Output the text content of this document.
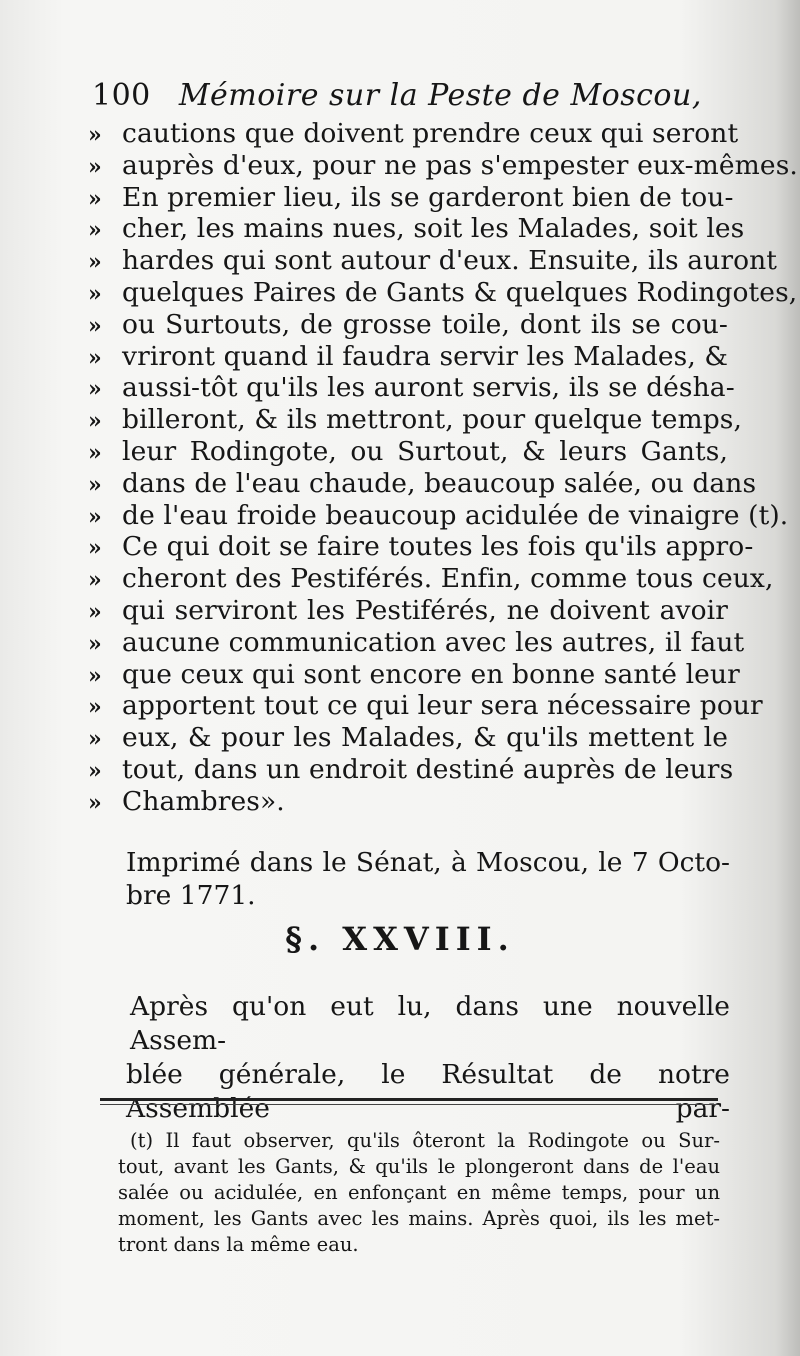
100 Mémoire sur la Peste de Moscou,
» cautions que doivent prendre ceux qui seront
» auprès d'eux, pour ne pas s'empester eux-mêmes.
» En premier lieu, ils se garderont bien de tou-
» cher, les mains nues, soit les Malades, soit les
» hardes qui sont autour d'eux. Ensuite, ils auront
» quelques Paires de Gants & quelques Rodingotes,
» ou Surtouts, de grosse toile, dont ils se cou-
» vriront quand il faudra servir les Malades, &
» aussi-tôt qu'ils les auront servis, ils se désha-
» billeront, & ils mettront, pour quelque temps,
» leur Rodingote, ou Surtout, & leurs Gants,
» dans de l'eau chaude, beaucoup salée, ou dans
» de l'eau froide beaucoup acidulée de vinaigre (t).
» Ce qui doit se faire toutes les fois qu'ils appro-
» cheront des Pestiférés. Enfin, comme tous ceux,
» qui serviront les Pestiférés, ne doivent avoir
» aucune communication avec les autres, il faut
» que ceux qui sont encore en bonne santé leur
» apportent tout ce qui leur sera nécessaire pour
» eux, & pour les Malades, & qu'ils mettent le
» tout, dans un endroit destiné auprès de leurs
» Chambres».
Imprimé dans le Sénat, à Moscou, le 7 Octo-
bre 1771.
§. XXVIII.
Après qu'on eut lu, dans une nouvelle Assem-
blée générale, le Résultat de notre Assemblée par-
(t) Il faut observer, qu'ils ôteront la Rodingote ou Sur-
tout, avant les Gants, & qu'ils le plongeront dans de l'eau
salée ou acidulée, en enfonçant en même temps, pour un
moment, les Gants avec les mains. Après quoi, ils les met-
tront dans la même eau.
